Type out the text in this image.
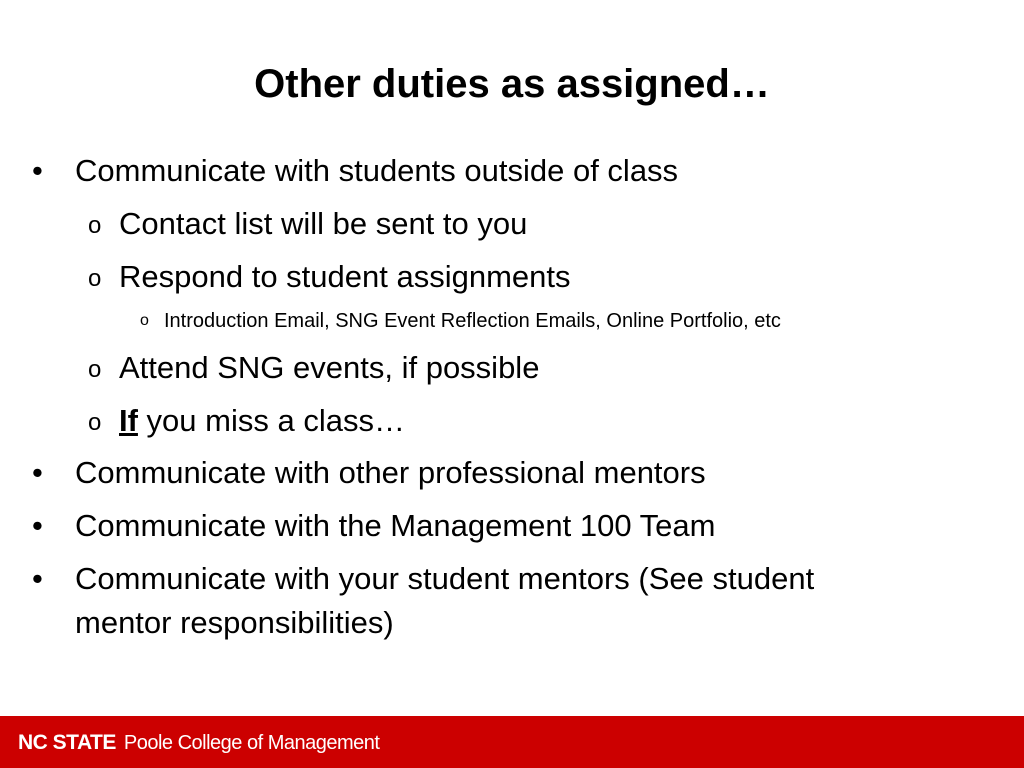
Other duties as assigned…
• Communicate with students outside of class
o Contact list will be sent to you
o Respond to student assignments
o Introduction Email, SNG Event Reflection Emails, Online Portfolio, etc
o Attend SNG events, if possible
o If you miss a class…
• Communicate with other professional mentors
• Communicate with the Management 100 Team
• Communicate with your student mentors (See student
mentor responsibilities)
NC STATE Poole College of Management
